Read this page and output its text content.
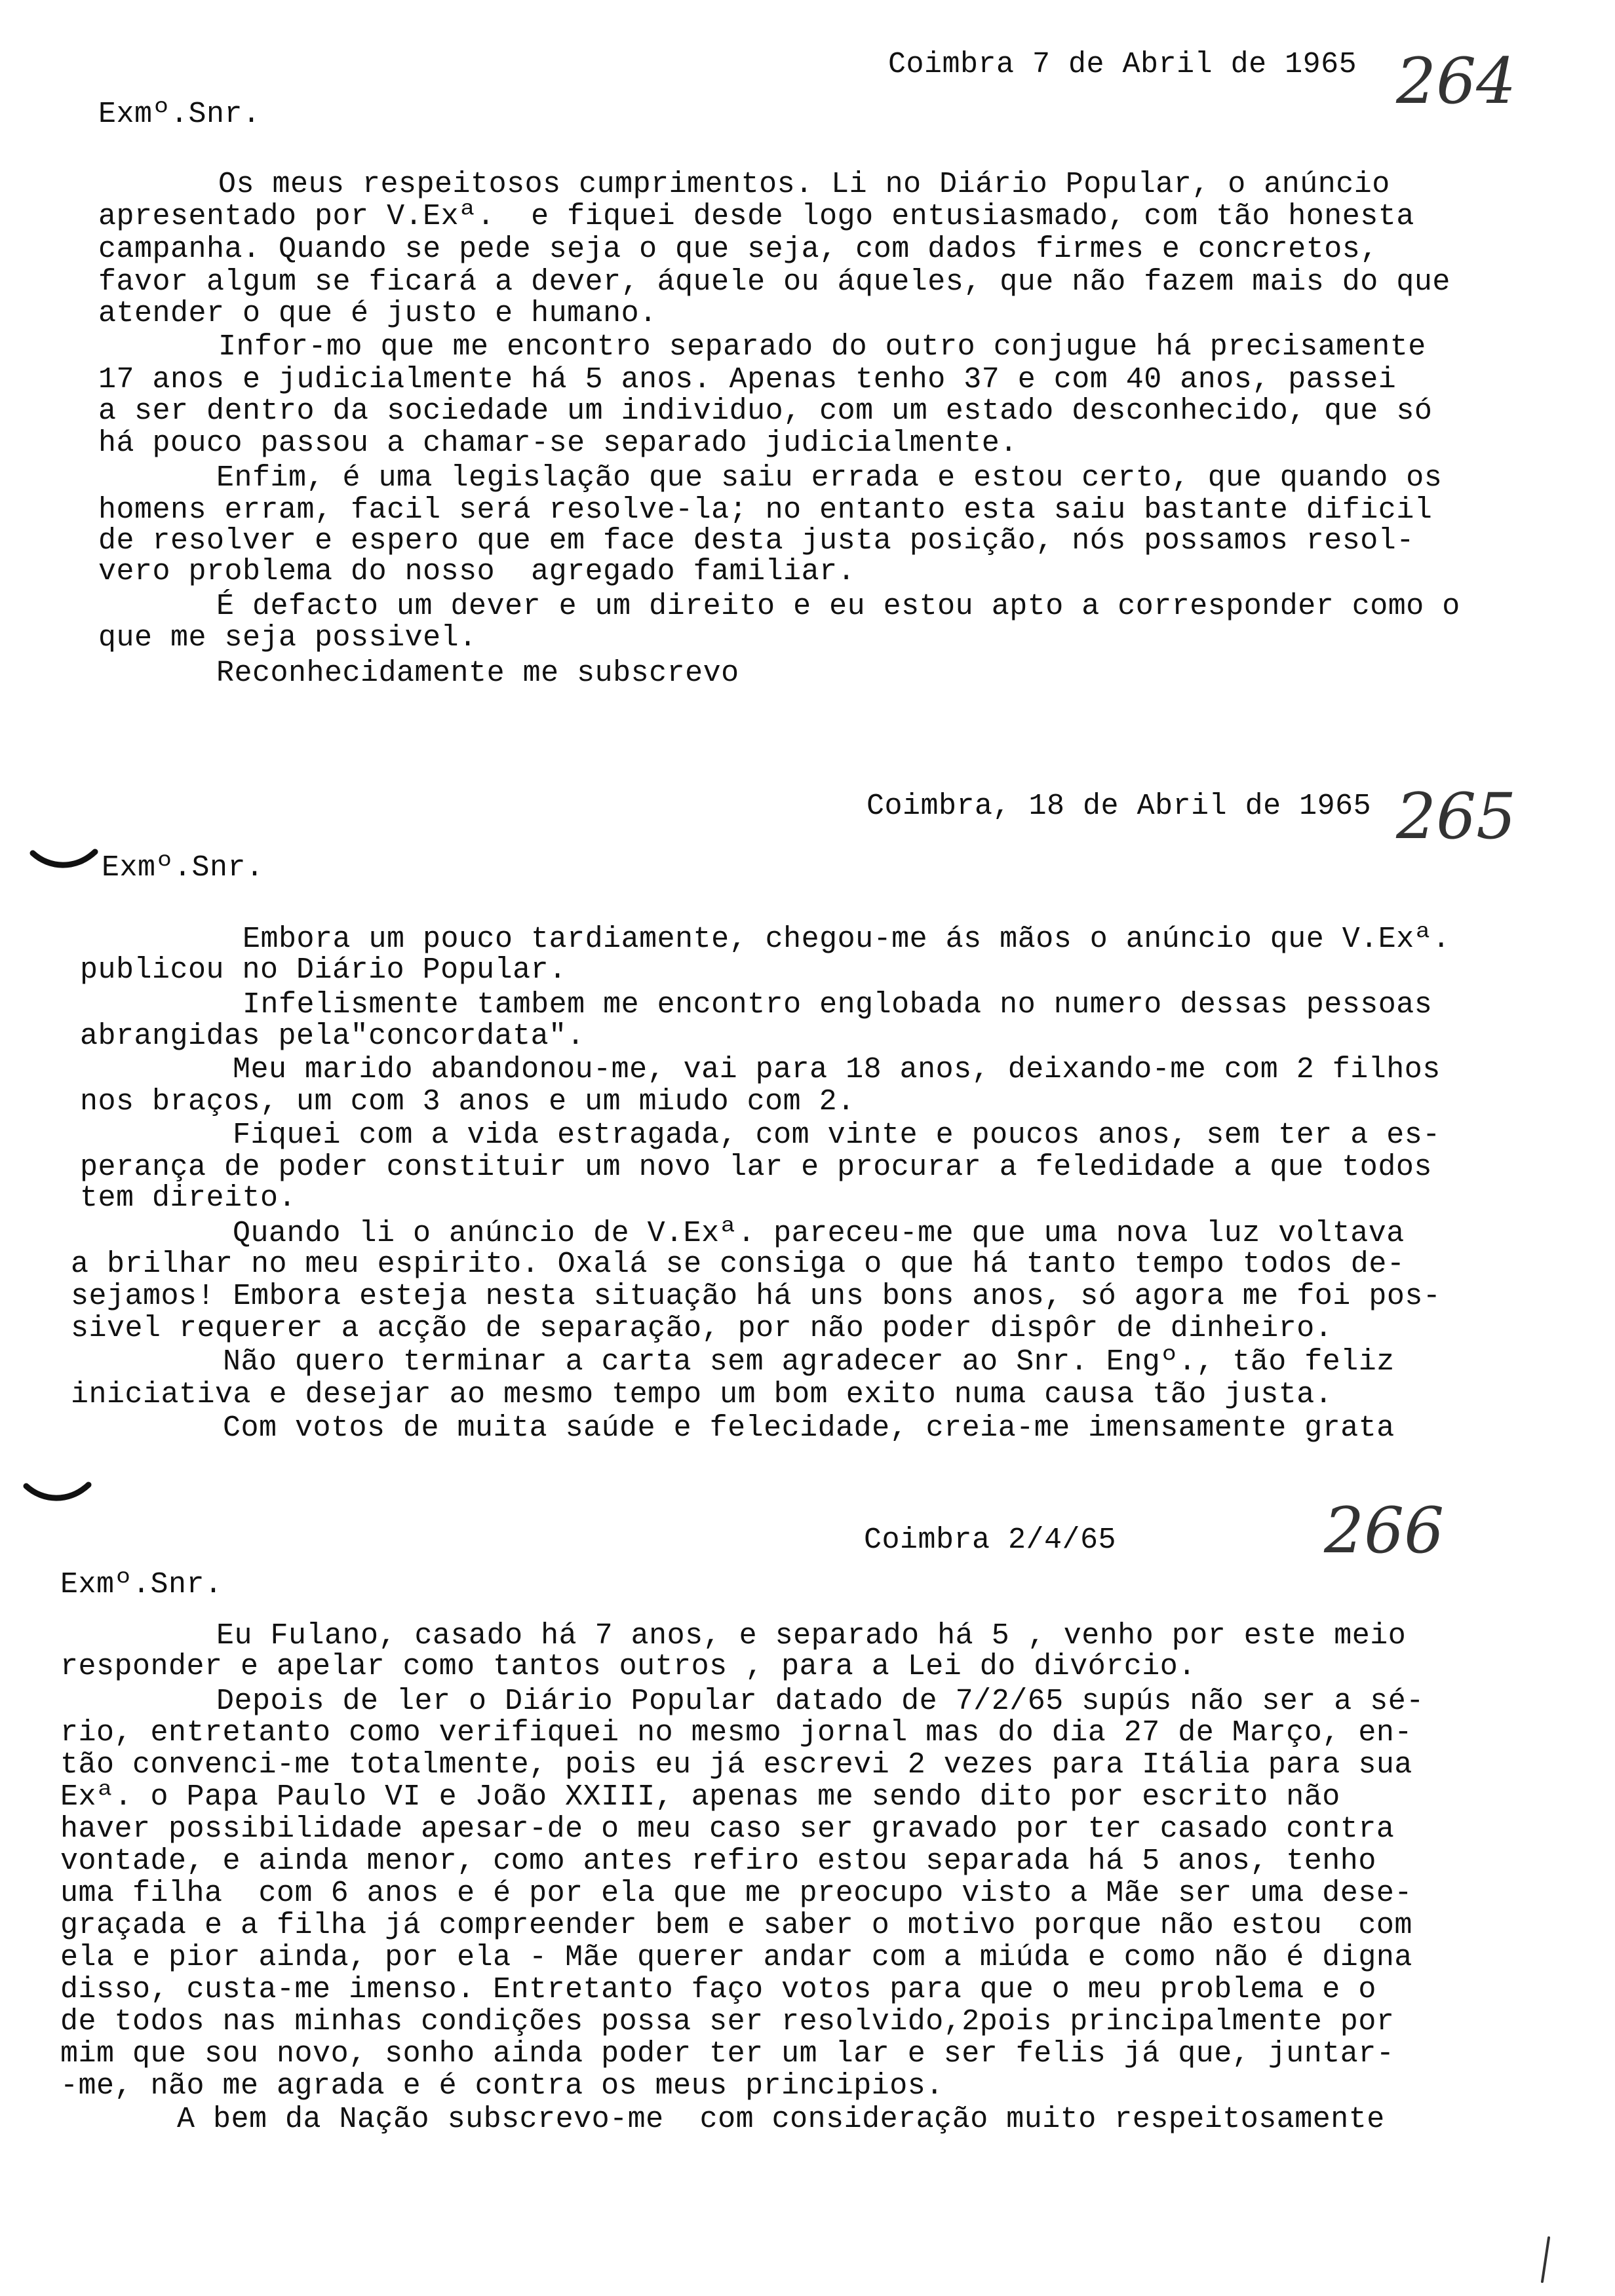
Coimbra 7 de Abril de 1965 264
Exmº.Snr.
Os meus respeitosos cumprimentos. Li no Diário Popular, o anúncio
apresentado por V.Exª.  e fiquei desde logo entusiasmado, com tão honesta
campanha. Quando se pede seja o que seja, com dados firmes e concretos,
favor algum se ficará a dever, áquele ou áqueles, que não fazem mais do que
atender o que é justo e humano.
Infor-mo que me encontro separado do outro conjugue há precisamente
17 anos e judicialmente há 5 anos. Apenas tenho 37 e com 40 anos, passei
a ser dentro da sociedade um individuo, com um estado desconhecido, que só
há pouco passou a chamar-se separado judicialmente.
Enfim, é uma legislação que saiu errada e estou certo, que quando os
homens erram, facil será resolve-la; no entanto esta saiu bastante dificil
de resolver e espero que em face desta justa posição, nós possamos resol-
vero problema do nosso  agregado familiar.
É defacto um dever e um direito e eu estou apto a corresponder como o
que me seja possivel.
Reconhecidamente me subscrevo
Coimbra, 18 de Abril de 1965 265
Exmº.Snr.
Embora um pouco tardiamente, chegou-me ás mãos o anúncio que V.Exª.
publicou no Diário Popular.
Infelismente tambem me encontro englobada no numero dessas pessoas
abrangidas pela"concordata".
Meu marido abandonou-me, vai para 18 anos, deixando-me com 2 filhos
nos braços, um com 3 anos e um miudo com 2.
Fiquei com a vida estragada, com vinte e poucos anos, sem ter a es-
perança de poder constituir um novo lar e procurar a feledidade a que todos
tem direito.
Quando li o anúncio de V.Exª. pareceu-me que uma nova luz voltava
a brilhar no meu espirito. Oxalá se consiga o que há tanto tempo todos de-
sejamos! Embora esteja nesta situação há uns bons anos, só agora me foi pos-
sivel requerer a acção de separação, por não poder dispôr de dinheiro.
Não quero terminar a carta sem agradecer ao Snr. Engº., tão feliz
iniciativa e desejar ao mesmo tempo um bom exito numa causa tão justa.
Com votos de muita saúde e felecidade, creia-me imensamente grata
Coimbra 2/4/65	266
Exmº.Snr.
Eu Fulano, casado há 7 anos, e separado há 5 , venho por este meio
responder e apelar como tantos outros , para a Lei do divórcio.
Depois de ler o Diário Popular datado de 7/2/65 supús não ser a sé-
rio, entretanto como verifiquei no mesmo jornal mas do dia 27 de Março, en-
tão convenci-me totalmente, pois eu já escrevi 2 vezes para Itália para sua
Exª. o Papa Paulo VI e João XXIII, apenas me sendo dito por escrito não
haver possibilidade apesar-de o meu caso ser gravado por ter casado contra
vontade, e ainda menor, como antes refiro estou separada há 5 anos, tenho
uma filha  com 6 anos e é por ela que me preocupo visto a Mãe ser uma dese-
graçada e a filha já compreender bem e saber o motivo porque não estou  com
ela e pior ainda, por ela - Mãe querer andar com a miúda e como não é digna
disso, custa-me imenso. Entretanto faço votos para que o meu problema e o
de todos nas minhas condições possa ser resolvido,2pois principalmente por
mim que sou novo, sonho ainda poder ter um lar e ser felis já que, juntar-
-me, não me agrada e é contra os meus principios.
A bem da Nação subscrevo-me  com consideração muito respeitosamente
